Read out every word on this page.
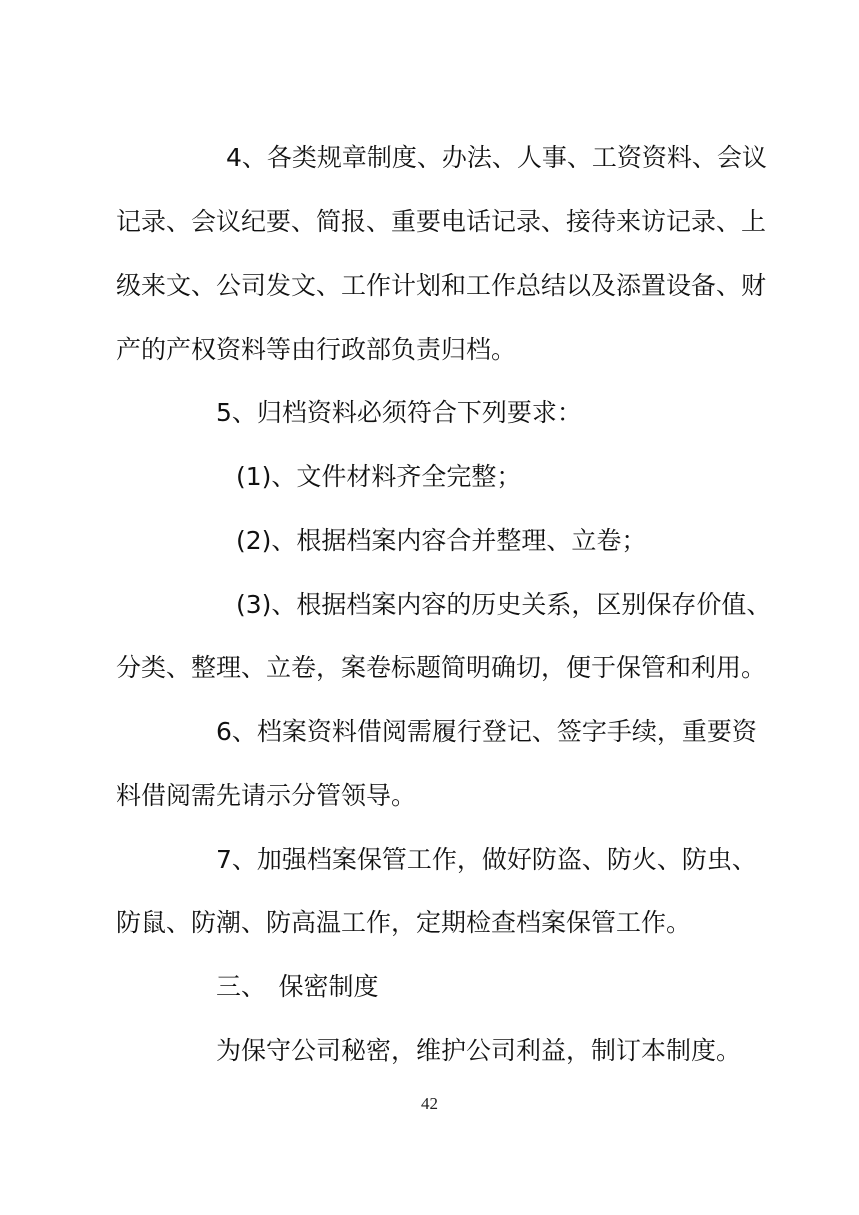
4、各类规章制度、办法、人事、工资资料、会议
记录、会议纪要、简报、重要电话记录、接待来访记录、上
级来文、公司发文、工作计划和工作总结以及添置设备、财
产的产权资料等由行政部负责归档。
5、归档资料必须符合下列要求：
(1)、文件材料齐全完整；
(2)、根据档案内容合并整理、立卷；
(3)、根据档案内容的历史关系，区别保存价值、
分类、整理、立卷，案卷标题简明确切，便于保管和利用。
6、档案资料借阅需履行登记、签字手续，重要资
料借阅需先请示分管领导。
7、加强档案保管工作，做好防盗、防火、防虫、
防鼠、防潮、防高温工作，定期检查档案保管工作。
三、　保密制度
为保守公司秘密，维护公司利益，制订本制度。
42
